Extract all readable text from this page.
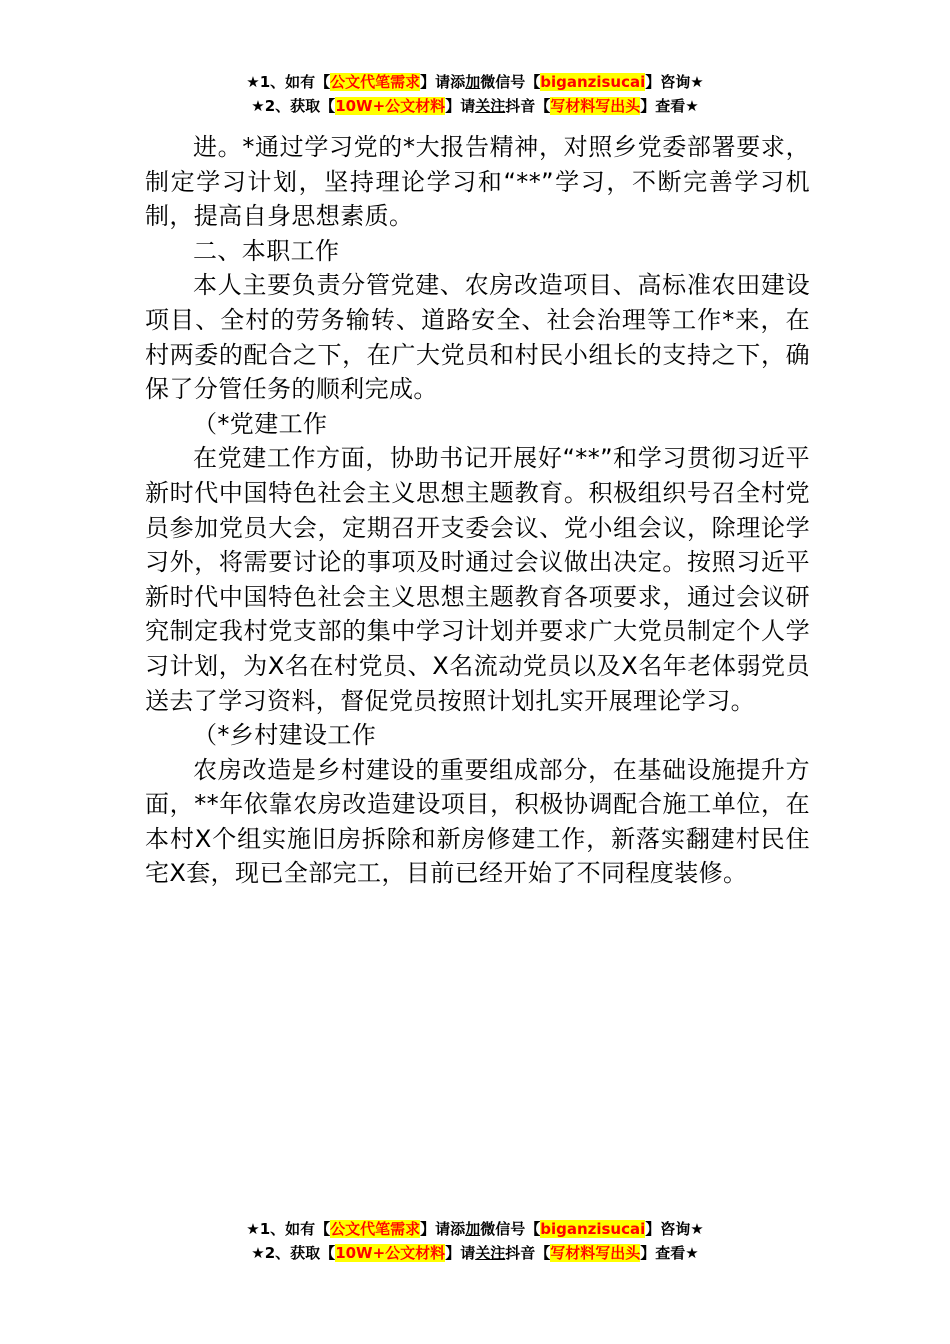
★1、如有【公文代笔需求】请添加微信号【biganzisucai】咨询★
★2、获取【10W+公文材料】请关注抖音【写材料写出头】查看★

进。*通过学习党的*大报告精神，对照乡党委部署要求，制定学习计划，坚持理论学习和“**”学习，不断完善学习机制，提高自身思想素质。

二、本职工作

本人主要负责分管党建、农房改造项目、高标准农田建设项目、全村的劳务输转、道路安全、社会治理等工作*来，在村两委的配合之下，在广大党员和村民小组长的支持之下，确保了分管任务的顺利完成。

（*党建工作

在党建工作方面，协助书记开展好“**”和学习贯彻习近平新时代中国特色社会主义思想主题教育。积极组织号召全村党员参加党员大会，定期召开支委会议、党小组会议，除理论学习外，将需要讨论的事项及时通过会议做出决定。按照习近平新时代中国特色社会主义思想主题教育各项要求，通过会议研究制定我村党支部的集中学习计划并要求广大党员制定个人学习计划，为X名在村党员、X名流动党员以及X名年老体弱党员送去了学习资料，督促党员按照计划扎实开展理论学习。

（*乡村建设工作

农房改造是乡村建设的重要组成部分，在基础设施提升方面，**年依靠农房改造建设项目，积极协调配合施工单位，在本村X个组实施旧房拆除和新房修建工作，新落实翻建村民住宅X套，现已全部完工，目前已经开始了不同程度装修。

★1、如有【公文代笔需求】请添加微信号【biganzisucai】咨询★
★2、获取【10W+公文材料】请关注抖音【写材料写出头】查看★
